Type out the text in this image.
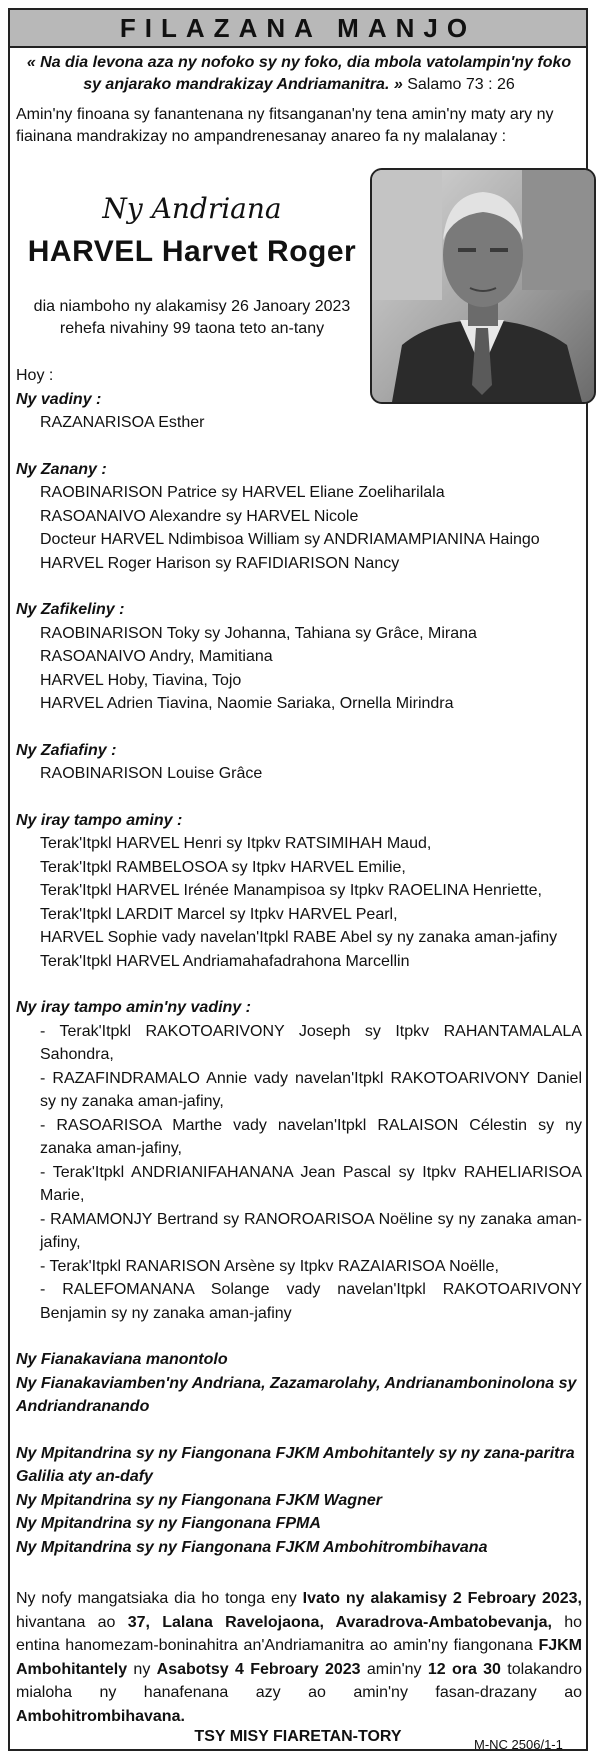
FILAZANA MANJO
« Na dia levona aza ny nofoko sy ny foko, dia mbola vatolampin'ny foko sy anjarako mandrakizay Andriamanitra. » Salamo 73 : 26
Amin'ny finoana sy fanantenana ny fitsanganan'ny tena amin'ny maty ary ny fiainana mandrakizay no ampandrenesanay anareo fa ny malalanay :
Ny Andriana
HARVEL Harvet Roger
dia niamboho ny alakamisy 26 Janoary 2023
rehefa nivahiny 99 taona teto an-tany
Hoy :
Ny vadiny :
RAZANARISOA Esther
Ny Zanany :
RAOBINARISON Patrice sy HARVEL Eliane Zoeliharilala
RASOANAIVO Alexandre sy HARVEL Nicole
Docteur HARVEL Ndimbisoa William sy ANDRIAMAMPIANINA Haingo
HARVEL Roger Harison sy RAFIDIARISON Nancy
Ny Zafikeliny :
RAOBINARISON Toky sy Johanna, Tahiana sy Grâce, Mirana
RASOANAIVO Andry, Mamitiana
HARVEL Hoby, Tiavina, Tojo
HARVEL Adrien Tiavina, Naomie Sariaka, Ornella Mirindra
Ny Zafiafiny :
RAOBINARISON Louise Grâce
Ny iray tampo aminy :
Terak'Itpkl HARVEL Henri sy Itpkv RATSIMIHAH Maud,
Terak'Itpkl RAMBELOSOA sy Itpkv HARVEL Emilie,
Terak'Itpkl HARVEL Irénée Manampisoa sy Itpkv RAOELINA Henriette,
Terak'Itpkl LARDIT Marcel sy Itpkv HARVEL Pearl,
HARVEL Sophie vady navelan'Itpkl RABE Abel sy ny zanaka aman-jafiny
Terak'Itpkl HARVEL Andriamahafadrahona Marcellin
Ny iray tampo amin'ny vadiny :
- Terak'Itpkl RAKOTOARIVONY Joseph sy Itpkv RAHANTAMALALA Sahondra,
- RAZAFINDRAMALO Annie vady navelan'Itpkl RAKOTOARIVONY Daniel sy ny zanaka aman-jafiny,
- RASOARISOA Marthe vady navelan'Itpkl RALAISON Célestin sy ny zanaka aman-jafiny,
- Terak'Itpkl ANDRIANIFAHANANA Jean Pascal sy Itpkv RAHELIARISOA Marie,
- RAMAMONJY Bertrand sy RANOROARISOA Noëline sy ny zanaka aman-jafiny,
- Terak'Itpkl RANARISON Arsène sy Itpkv RAZAIARISOA Noëlle,
- RALEFOMANANA Solange vady navelan'Itpkl RAKOTOARIVONY Benjamin sy ny zanaka aman-jafiny
Ny Fianakaviana manontolo
Ny Fianakaviamben'ny Andriana, Zazamarolahy, Andrianamboninolona sy Andriandranando
Ny Mpitandrina sy ny Fiangonana FJKM Ambohitantely sy ny zana-paritra Galilia aty an-dafy
Ny Mpitandrina sy ny Fiangonana FJKM Wagner
Ny Mpitandrina sy ny Fiangonana FPMA
Ny Mpitandrina sy ny Fiangonana FJKM Ambohitrombihavana
Ny nofy mangatsiaka dia ho tonga eny Ivato ny alakamisy 2 Febroary 2023, hivantana ao 37, Lalana Ravelojaona, Avaradrova-Ambatobevanja, ho entina hanomezam-boninahitra an'Andriamanitra ao amin'ny fiangonana FJKM Ambohitantely ny Asabotsy 4 Febroary 2023 amin'ny 12 ora 30 tolakandro mialoha ny hanafenana azy ao amin'ny fasan-drazany ao Ambohitrombihavana.
TSY MISY FIARETAN-TORY	M-NC 2506/1-1
